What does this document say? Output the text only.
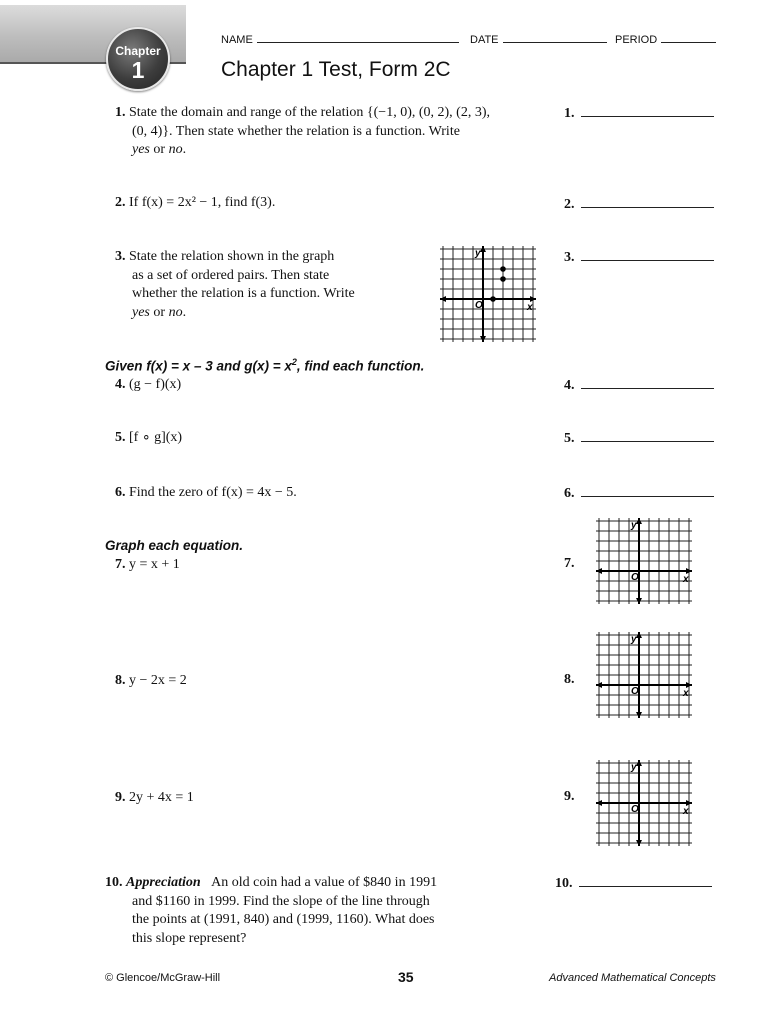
Chapter
1
NAME	DATE	PERIOD
Chapter 1 Test, Form 2C
1. State the domain and range of the relation {(−1, 0), (0, 2), (2, 3),
(0, 4)}. Then state whether the relation is a function. Write
yes or no.
1.
2. If f(x) = 2x² − 1, find f(3).	2.
3. State the relation shown in the graph
as a set of ordered pairs. Then state
whether the relation is a function. Write
yes or no.
3.
x
y
O
Given f(x) = x – 3 and $g(x) = x^2$, find each function.
4. (g − f)(x)	4.
5. [f ∘ g](x)	5.
6. Find the zero of f(x) = 4x − 5.	6.
Graph each equation.
7. y = x + 1	7.
x
y
O
8. y − 2x = 2	8.
x
y
O
9. 2y + 4x = 1	9.
x
y
O
10. Appreciation An old coin had a value of $840 in 1991
and $1160 in 1999. Find the slope of the line through
the points at (1991, 840) and (1999, 1160). What does
this slope represent?
10.
© Glencoe/McGraw-Hill	35	Advanced Mathematical Concepts
